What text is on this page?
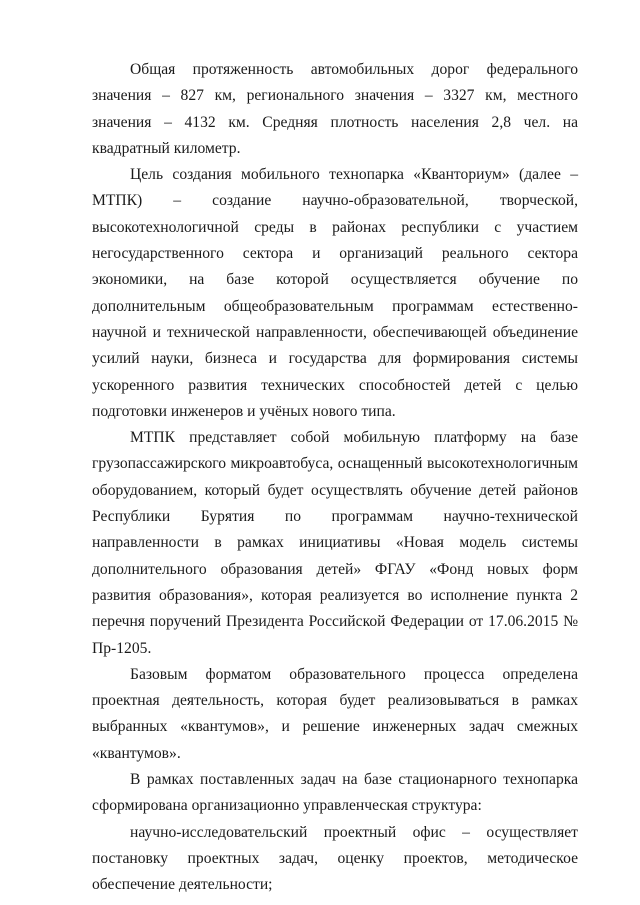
Общая протяженность автомобильных дорог федерального значения – 827 км, регионального значения – 3327 км, местного значения – 4132 км. Средняя плотность населения 2,8 чел. на квадратный километр.

Цель создания мобильного технопарка «Кванториум» (далее – МТПК) – создание научно-образовательной, творческой, высокотехнологичной среды в районах республики с участием негосударственного сектора и организаций реального сектора экономики, на базе которой осуществляется обучение по дополнительным общеобразовательным программам естественно-научной и технической направленности, обеспечивающей объединение усилий науки, бизнеса и государства для формирования системы ускоренного развития технических способностей детей с целью подготовки инженеров и учёных нового типа.

МТПК представляет собой мобильную платформу на базе грузопассажирского микроавтобуса, оснащенный высокотехнологичным оборудованием, который будет осуществлять обучение детей районов Республики Бурятия по программам научно-технической направленности в рамках инициативы «Новая модель системы дополнительного образования детей» ФГАУ «Фонд новых форм развития образования», которая реализуется во исполнение пункта 2 перечня поручений Президента Российской Федерации от 17.06.2015 № Пр-1205.

Базовым форматом образовательного процесса определена проектная деятельность, которая будет реализовываться в рамках выбранных «квантумов», и решение инженерных задач смежных «квантумов».

В рамках поставленных задач на базе стационарного технопарка сформирована организационно управленческая структура:

научно-исследовательский проектный офис – осуществляет постановку проектных задач, оценку проектов, методическое обеспечение деятельности;
